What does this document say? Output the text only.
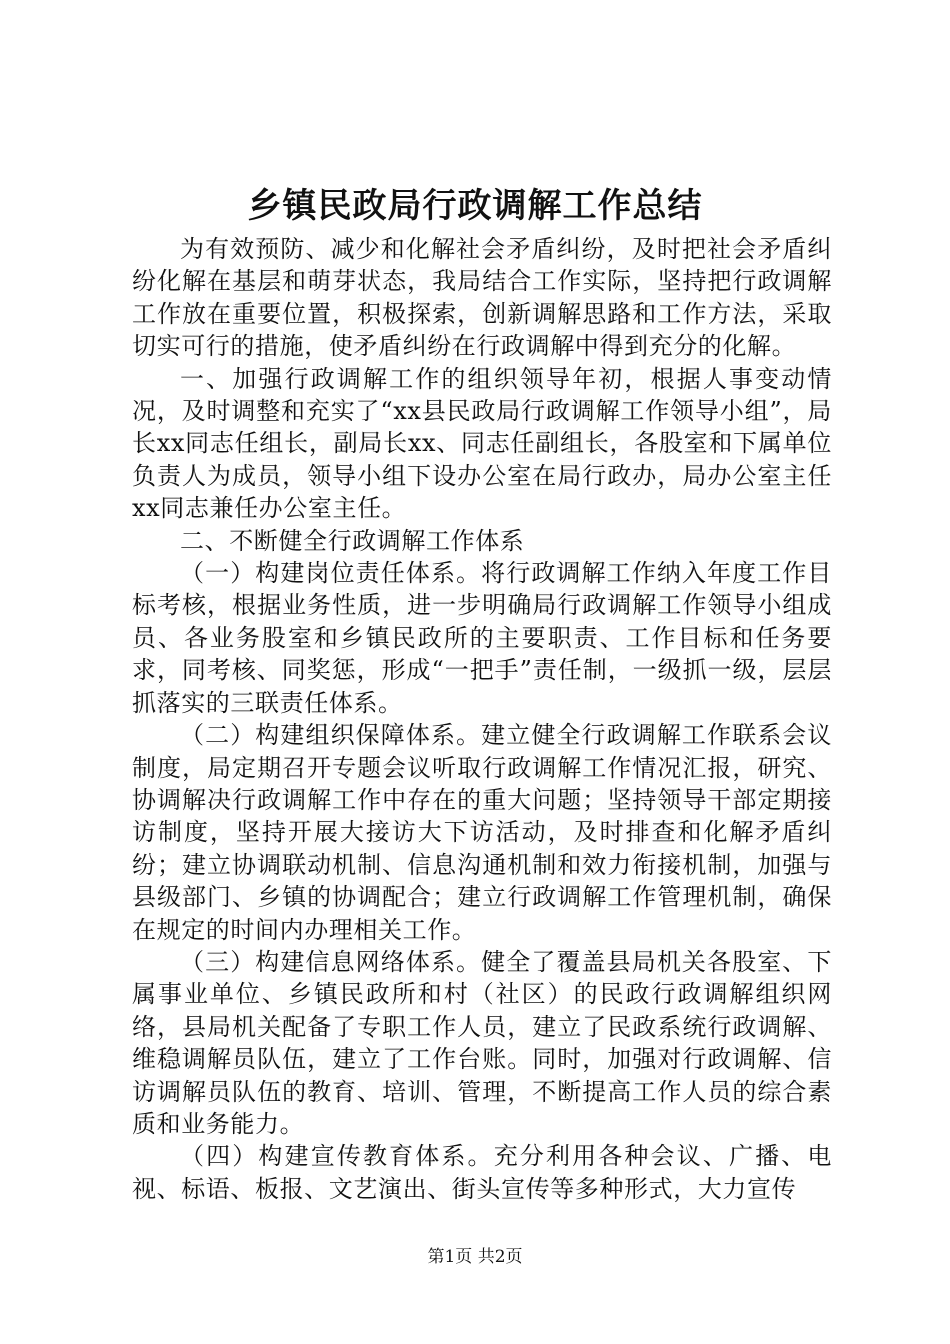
乡镇民政局行政调解工作总结

为有效预防、减少和化解社会矛盾纠纷，及时把社会矛盾纠纷化解在基层和萌芽状态，我局结合工作实际，坚持把行政调解工作放在重要位置，积极探索，创新调解思路和工作方法，采取切实可行的措施，使矛盾纠纷在行政调解中得到充分的化解。

一、加强行政调解工作的组织领导年初，根据人事变动情况，及时调整和充实了“xx县民政局行政调解工作领导小组”，局长xx同志任组长，副局长xx、同志任副组长，各股室和下属单位负责人为成员，领导小组下设办公室在局行政办，局办公室主任xx同志兼任办公室主任。

二、不断健全行政调解工作体系

（一）构建岗位责任体系。将行政调解工作纳入年度工作目标考核，根据业务性质，进一步明确局行政调解工作领导小组成员、各业务股室和乡镇民政所的主要职责、工作目标和任务要求，同考核、同奖惩，形成“一把手”责任制，一级抓一级，层层抓落实的三联责任体系。

（二）构建组织保障体系。建立健全行政调解工作联系会议制度，局定期召开专题会议听取行政调解工作情况汇报，研究、协调解决行政调解工作中存在的重大问题；坚持领导干部定期接访制度，坚持开展大接访大下访活动，及时排查和化解矛盾纠纷；建立协调联动机制、信息沟通机制和效力衔接机制，加强与县级部门、乡镇的协调配合；建立行政调解工作管理机制，确保在规定的时间内办理相关工作。

（三）构建信息网络体系。健全了覆盖县局机关各股室、下属事业单位、乡镇民政所和村（社区）的民政行政调解组织网络，县局机关配备了专职工作人员，建立了民政系统行政调解、维稳调解员队伍，建立了工作台账。同时，加强对行政调解、信访调解员队伍的教育、培训、管理，不断提高工作人员的综合素质和业务能力。

（四）构建宣传教育体系。充分利用各种会议、广播、电视、标语、板报、文艺演出、街头宣传等多种形式，大力宣传

第1页 共2页
